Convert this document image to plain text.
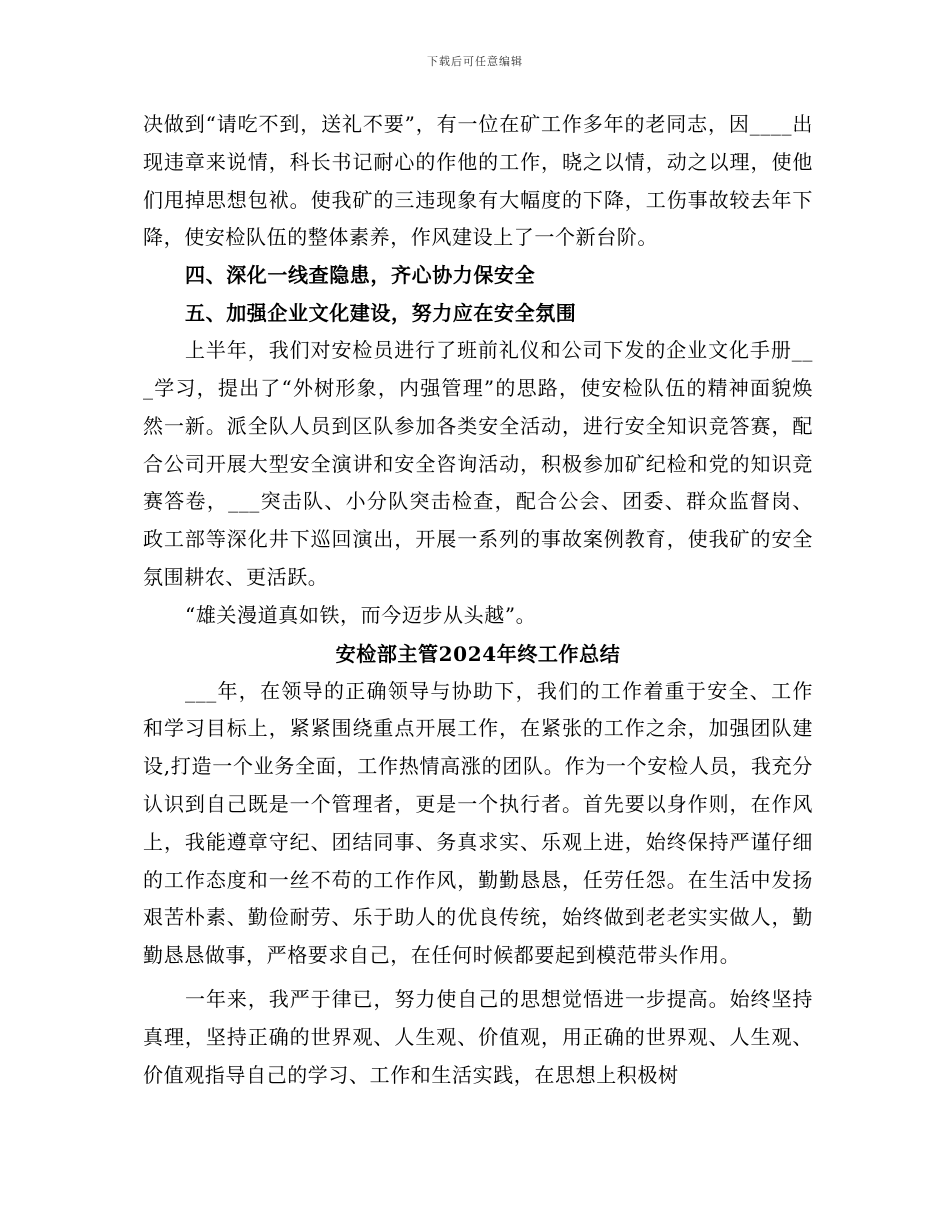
下载后可任意编辑

决做到“请吃不到，送礼不要”，有一位在矿工作多年的老同志，因____出现违章来说情，科长书记耐心的作他的工作，晓之以情，动之以理，使他们甩掉思想包袱。使我矿的三违现象有大幅度的下降，工伤事故较去年下降，使安检队伍的整体素养，作风建设上了一个新台阶。

四、深化一线查隐患，齐心协力保安全

五、加强企业文化建设，努力应在安全氛围

上半年，我们对安检员进行了班前礼仪和公司下发的企业文化手册___学习，提出了“外树形象，内强管理”的思路，使安检队伍的精神面貌焕然一新。派全队人员到区队参加各类安全活动，进行安全知识竞答赛，配合公司开展大型安全演讲和安全咨询活动，积极参加矿纪检和党的知识竞赛答卷，___突击队、小分队突击检查，配合公会、团委、群众监督岗、政工部等深化井下巡回演出，开展一系列的事故案例教育，使我矿的安全氛围耕农、更活跃。

“雄关漫道真如铁，而今迈步从头越”。

安检部主管2024年终工作总结

___年，在领导的正确领导与协助下，我们的工作着重于安全、工作和学习目标上，紧紧围绕重点开展工作，在紧张的工作之余，加强团队建设,打造一个业务全面，工作热情高涨的团队。作为一个安检人员，我充分认识到自己既是一个管理者，更是一个执行者。首先要以身作则，在作风上，我能遵章守纪、团结同事、务真求实、乐观上进，始终保持严谨仔细的工作态度和一丝不苟的工作作风，勤勤恳恳，任劳任怨。在生活中发扬艰苦朴素、勤俭耐劳、乐于助人的优良传统，始终做到老老实实做人，勤勤恳恳做事，严格要求自己，在任何时候都要起到模范带头作用。

一年来，我严于律已，努力使自己的思想觉悟进一步提高。始终坚持真理，坚持正确的世界观、人生观、价值观，用正确的世界观、人生观、价值观指导自己的学习、工作和生活实践，在思想上积极树
